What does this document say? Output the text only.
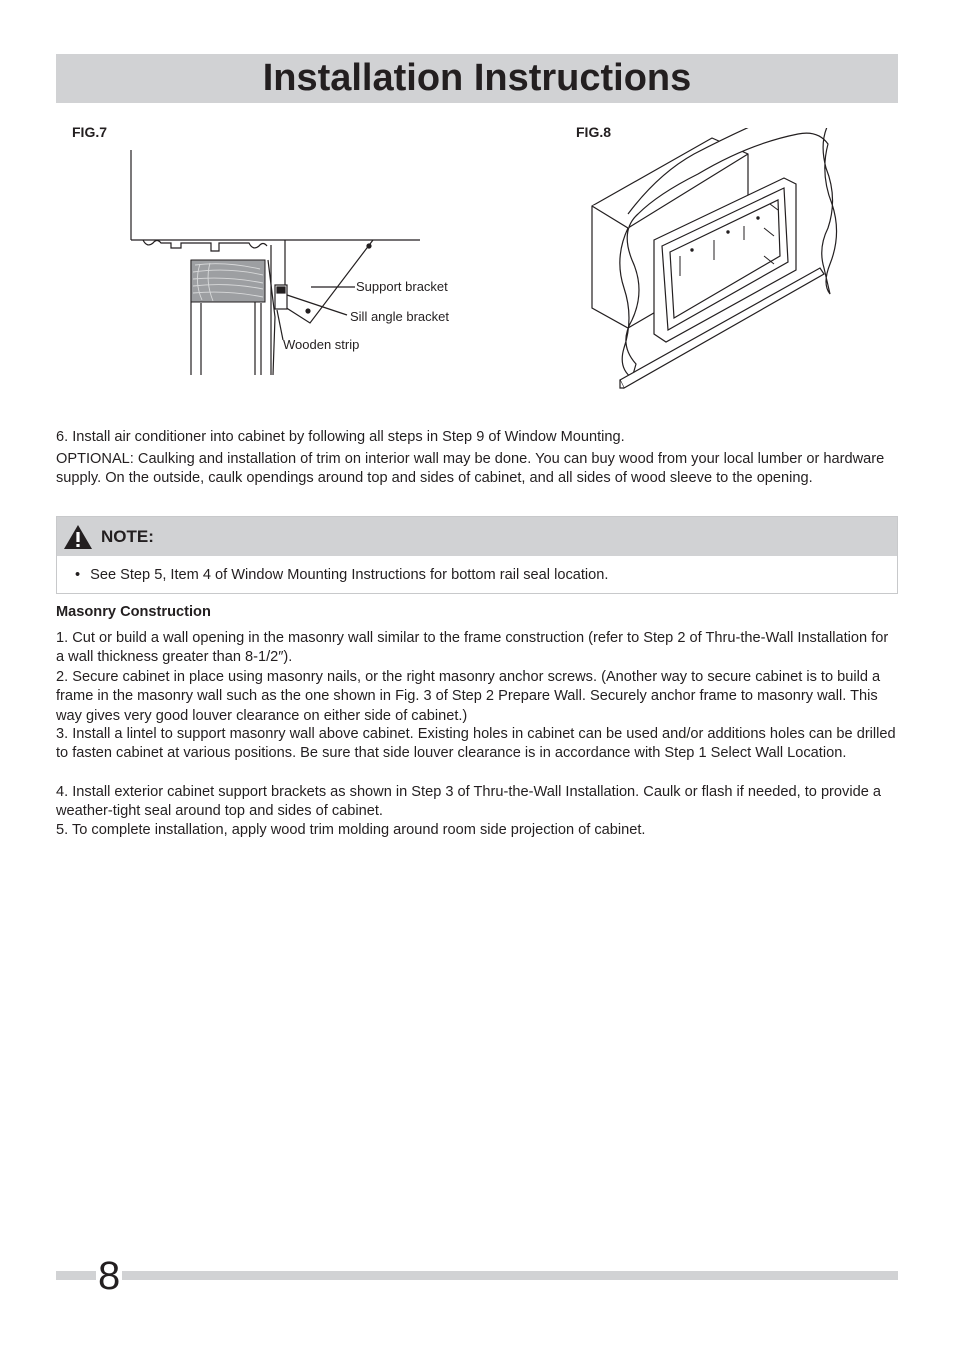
Installation Instructions
FIG.7
Support bracket
Sill angle bracket
Wooden strip
FIG.8

6. Install air conditioner into cabinet by following all steps in Step 9 of Window Mounting.

OPTIONAL: Caulking and installation of trim on interior wall may be done. You can buy wood from your local lumber or hardware supply. On the outside, caulk opendings around top and sides of cabinet, and all sides of wood sleeve to the opening.

NOTE:
• See Step 5, Item 4 of Window Mounting Instructions for bottom rail seal location.

Masonry Construction

1. Cut or build a wall opening in the masonry wall similar to the frame construction (refer to Step 2 of Thru-the-Wall Installation for a wall thickness greater than 8-1/2″).

2. Secure cabinet in place using masonry nails, or the right masonry anchor screws. (Another way to secure cabinet is to build a frame in the masonry wall such as the one shown in Fig. 3 of Step 2 Prepare Wall. Securely anchor frame to masonry wall. This way gives very good louver clearance on either side of cabinet.)

3. Install a lintel to support masonry wall above cabinet. Existing holes in cabinet can be used and/or additions holes can be drilled to fasten cabinet at various positions. Be sure that side louver clearance is in accordance with Step 1 Select Wall Location.

4. Install exterior cabinet support brackets as shown in Step 3 of Thru-the-Wall Installation. Caulk or flash if needed, to provide a weather-tight seal around top and sides of cabinet.

5. To complete installation, apply wood trim molding around room side projection of cabinet.

8
